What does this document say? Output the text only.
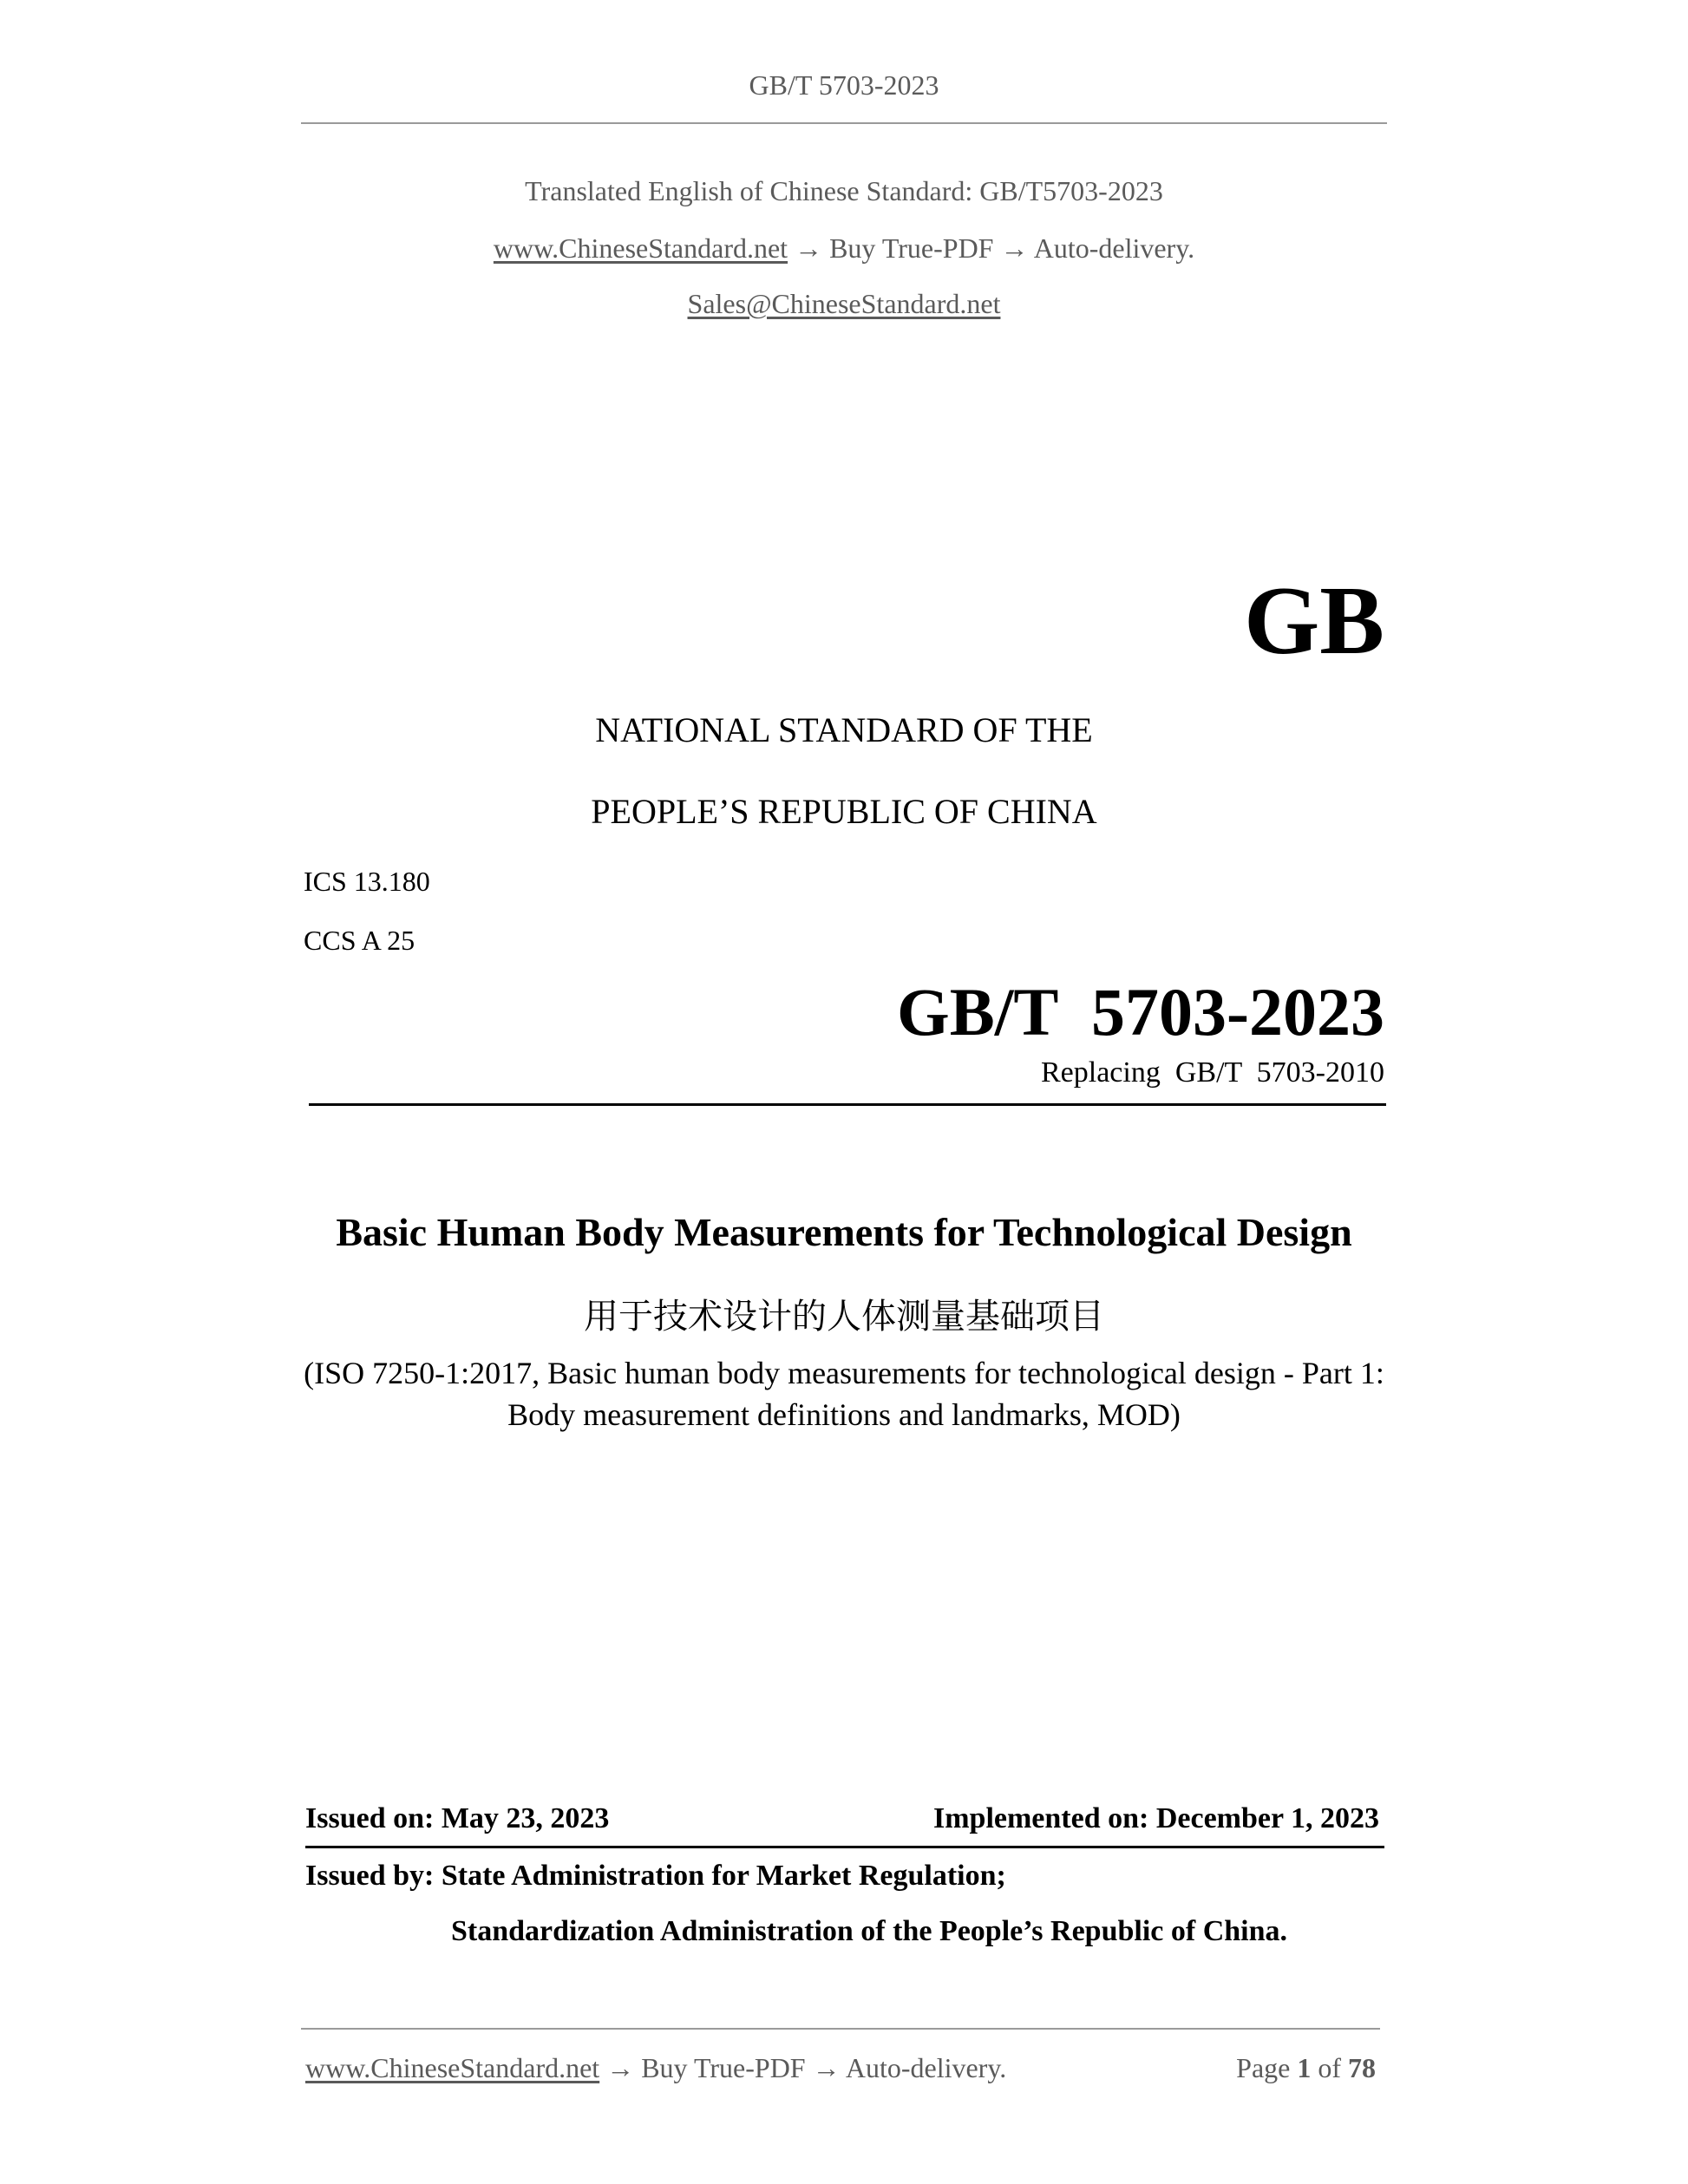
GB/T 5703-2023
Translated English of Chinese Standard: GB/T5703-2023
www.ChineseStandard.net → Buy True-PDF → Auto-delivery.
Sales@ChineseStandard.net
GB
NATIONAL STANDARD OF THE
PEOPLE’S REPUBLIC OF CHINA
ICS 13.180
CCS A 25
GB/T  5703-2023
Replacing  GB/T  5703-2010
Basic Human Body Measurements for Technological Design
用于技术设计的人体测量基础项目
(ISO 7250-1:2017, Basic human body measurements for technological design - Part 1:
Body measurement definitions and landmarks, MOD)
Issued on: May 23, 2023	Implemented on: December 1, 2023
Issued by: State Administration for Market Regulation;
Standardization Administration of the People’s Republic of China.
www.ChineseStandard.net → Buy True-PDF → Auto-delivery.	Page 1 of 78
